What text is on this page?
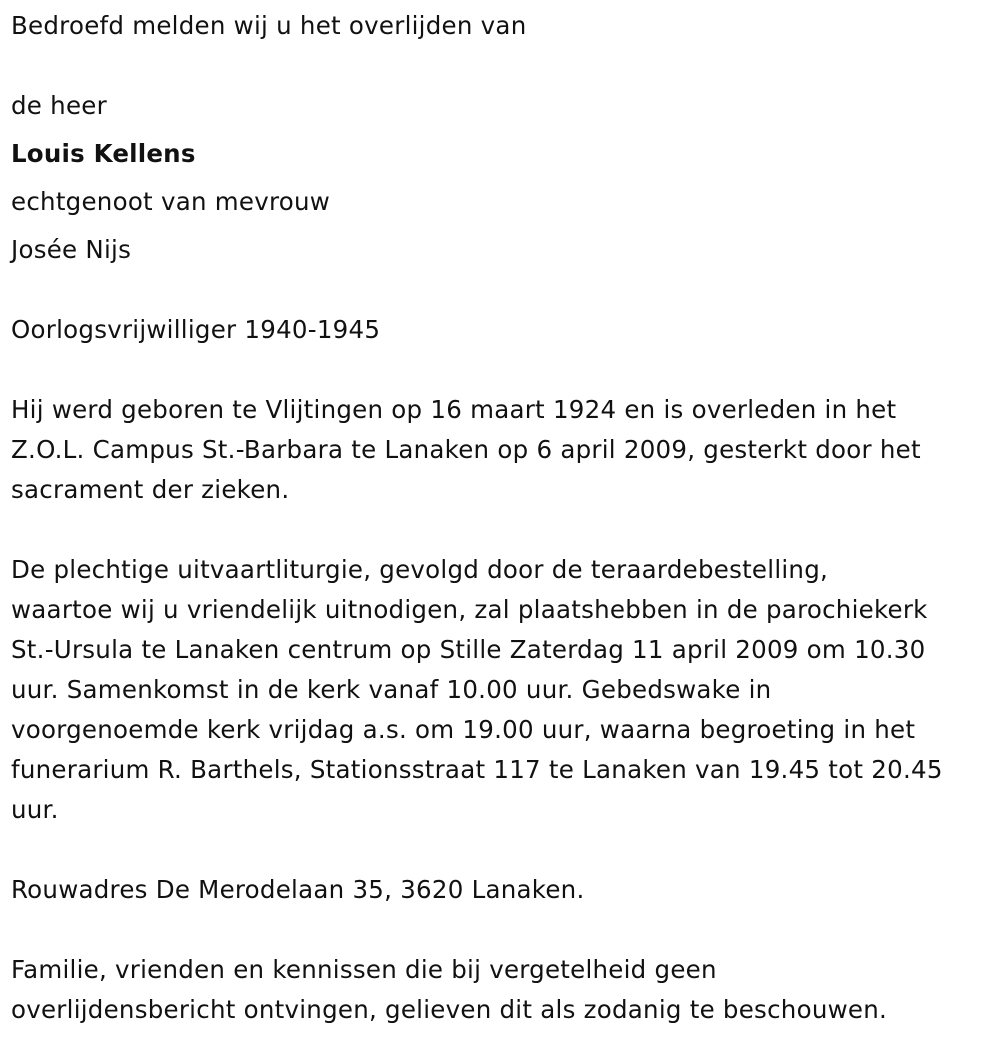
Bedroefd melden wij u het overlijden van
de heer
Louis Kellens
echtgenoot van mevrouw
Josée Nijs
Oorlogsvrijwilliger 1940-1945
Hij werd geboren te Vlijtingen op 16 maart 1924 en is overleden in het
Z.O.L. Campus St.-Barbara te Lanaken op 6 april 2009, gesterkt door het
sacrament der zieken.
De plechtige uitvaartliturgie, gevolgd door de teraardebestelling,
waartoe wij u vriendelijk uitnodigen, zal plaatshebben in de parochiekerk
St.-Ursula te Lanaken centrum op Stille Zaterdag 11 april 2009 om 10.30
uur. Samenkomst in de kerk vanaf 10.00 uur. Gebedswake in
voorgenoemde kerk vrijdag a.s. om 19.00 uur, waarna begroeting in het
funerarium R. Barthels, Stationsstraat 117 te Lanaken van 19.45 tot 20.45
uur.
Rouwadres De Merodelaan 35, 3620 Lanaken.
Familie, vrienden en kennissen die bij vergetelheid geen
overlijdensbericht ontvingen, gelieven dit als zodanig te beschouwen.
